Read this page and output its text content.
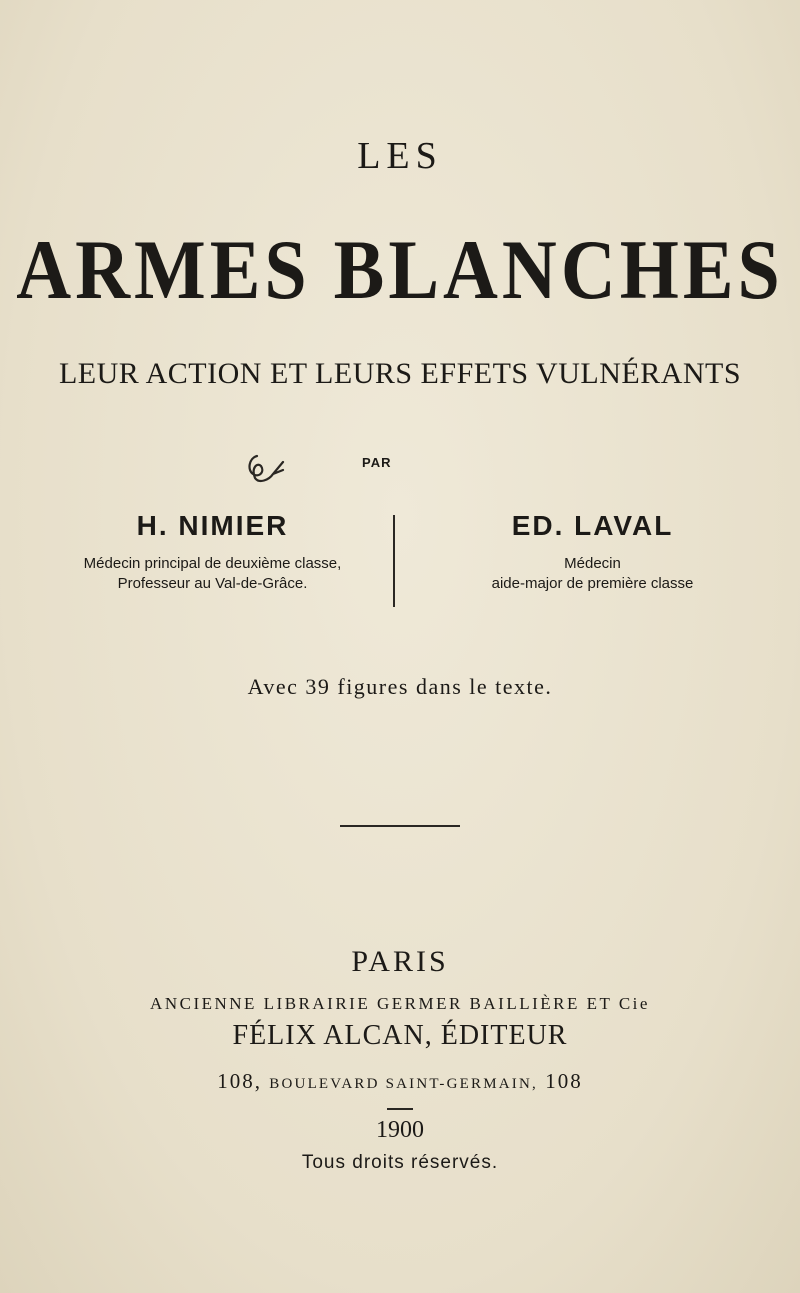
LES
ARMES BLANCHES
LEUR ACTION ET LEURS EFFETS VULNÉRANTS
PAR
H. NIMIER
Médecin principal de deuxième classe,
Professeur au Val-de-Grâce.
ED. LAVAL
Médecin
aide-major de première classe
Avec 39 figures dans le texte.
PARIS
ANCIENNE LIBRAIRIE GERMER BAILLIÈRE ET Cie
FÉLIX ALCAN, ÉDITEUR
108, BOULEVARD SAINT-GERMAIN, 108
1900
Tous droits réservés.
